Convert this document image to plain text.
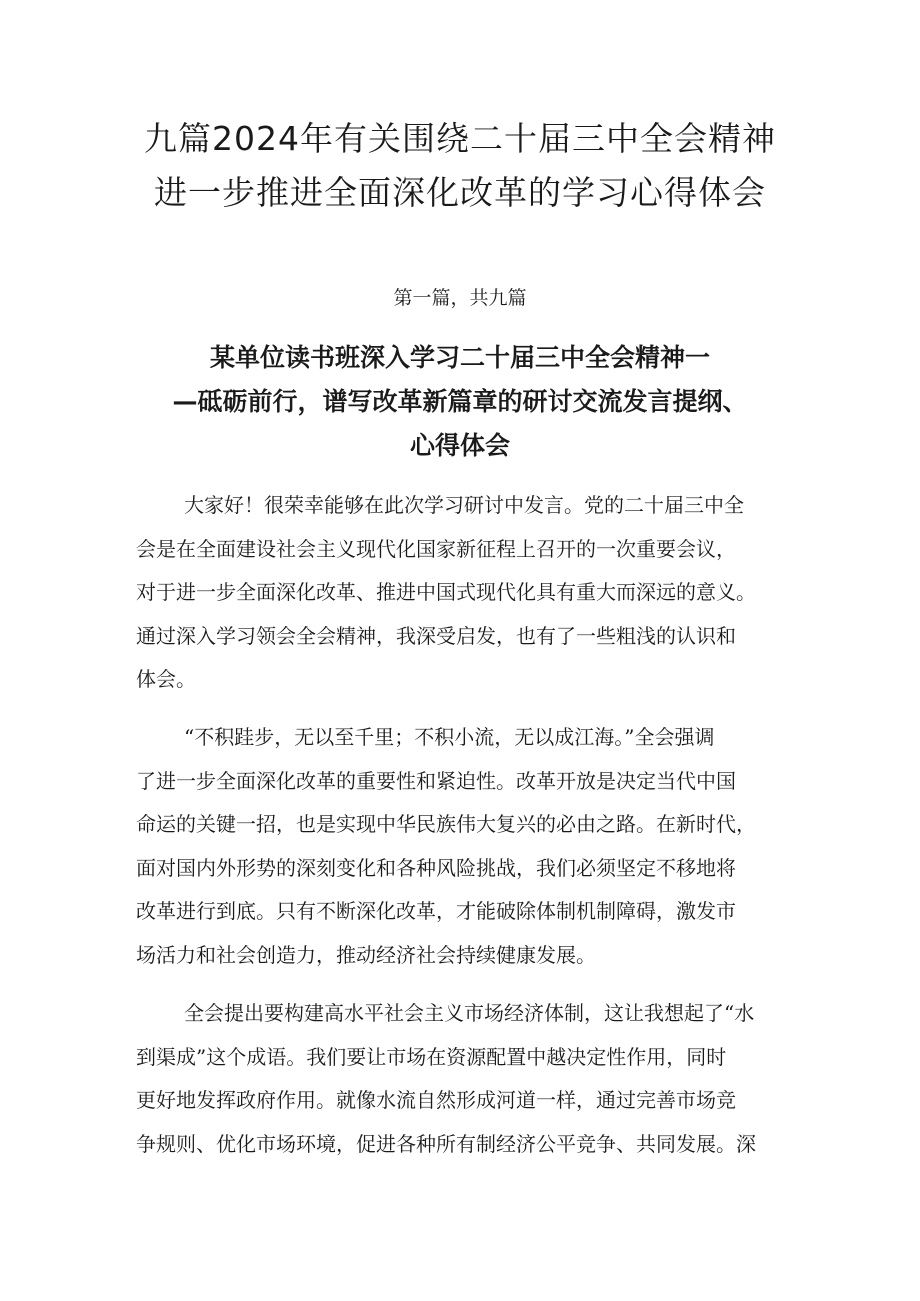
九篇2024年有关围绕二十届三中全会精神
进一步推进全面深化改革的学习心得体会

第一篇，共九篇

某单位读书班深入学习二十届三中全会精神一
—砥砺前行，谱写改革新篇章的研讨交流发言提纲、
心得体会

大家好！很荣幸能够在此次学习研讨中发言。党的二十届三中全
会是在全面建设社会主义现代化国家新征程上召开的一次重要会议，
对于进一步全面深化改革、推进中国式现代化具有重大而深远的意义。
通过深入学习领会全会精神，我深受启发，也有了一些粗浅的认识和
体会。

“不积跬步，无以至千里；不积小流，无以成江海。”全会强调
了进一步全面深化改革的重要性和紧迫性。改革开放是决定当代中国
命运的关键一招，也是实现中华民族伟大复兴的必由之路。在新时代，
面对国内外形势的深刻变化和各种风险挑战，我们必须坚定不移地将
改革进行到底。只有不断深化改革，才能破除体制机制障碍，激发市
场活力和社会创造力，推动经济社会持续健康发展。

全会提出要构建高水平社会主义市场经济体制，这让我想起了“水
到渠成”这个成语。我们要让市场在资源配置中越决定性作用，同时
更好地发挥政府作用。就像水流自然形成河道一样，通过完善市场竞
争规则、优化市场环境，促进各种所有制经济公平竞争、共同发展。深
